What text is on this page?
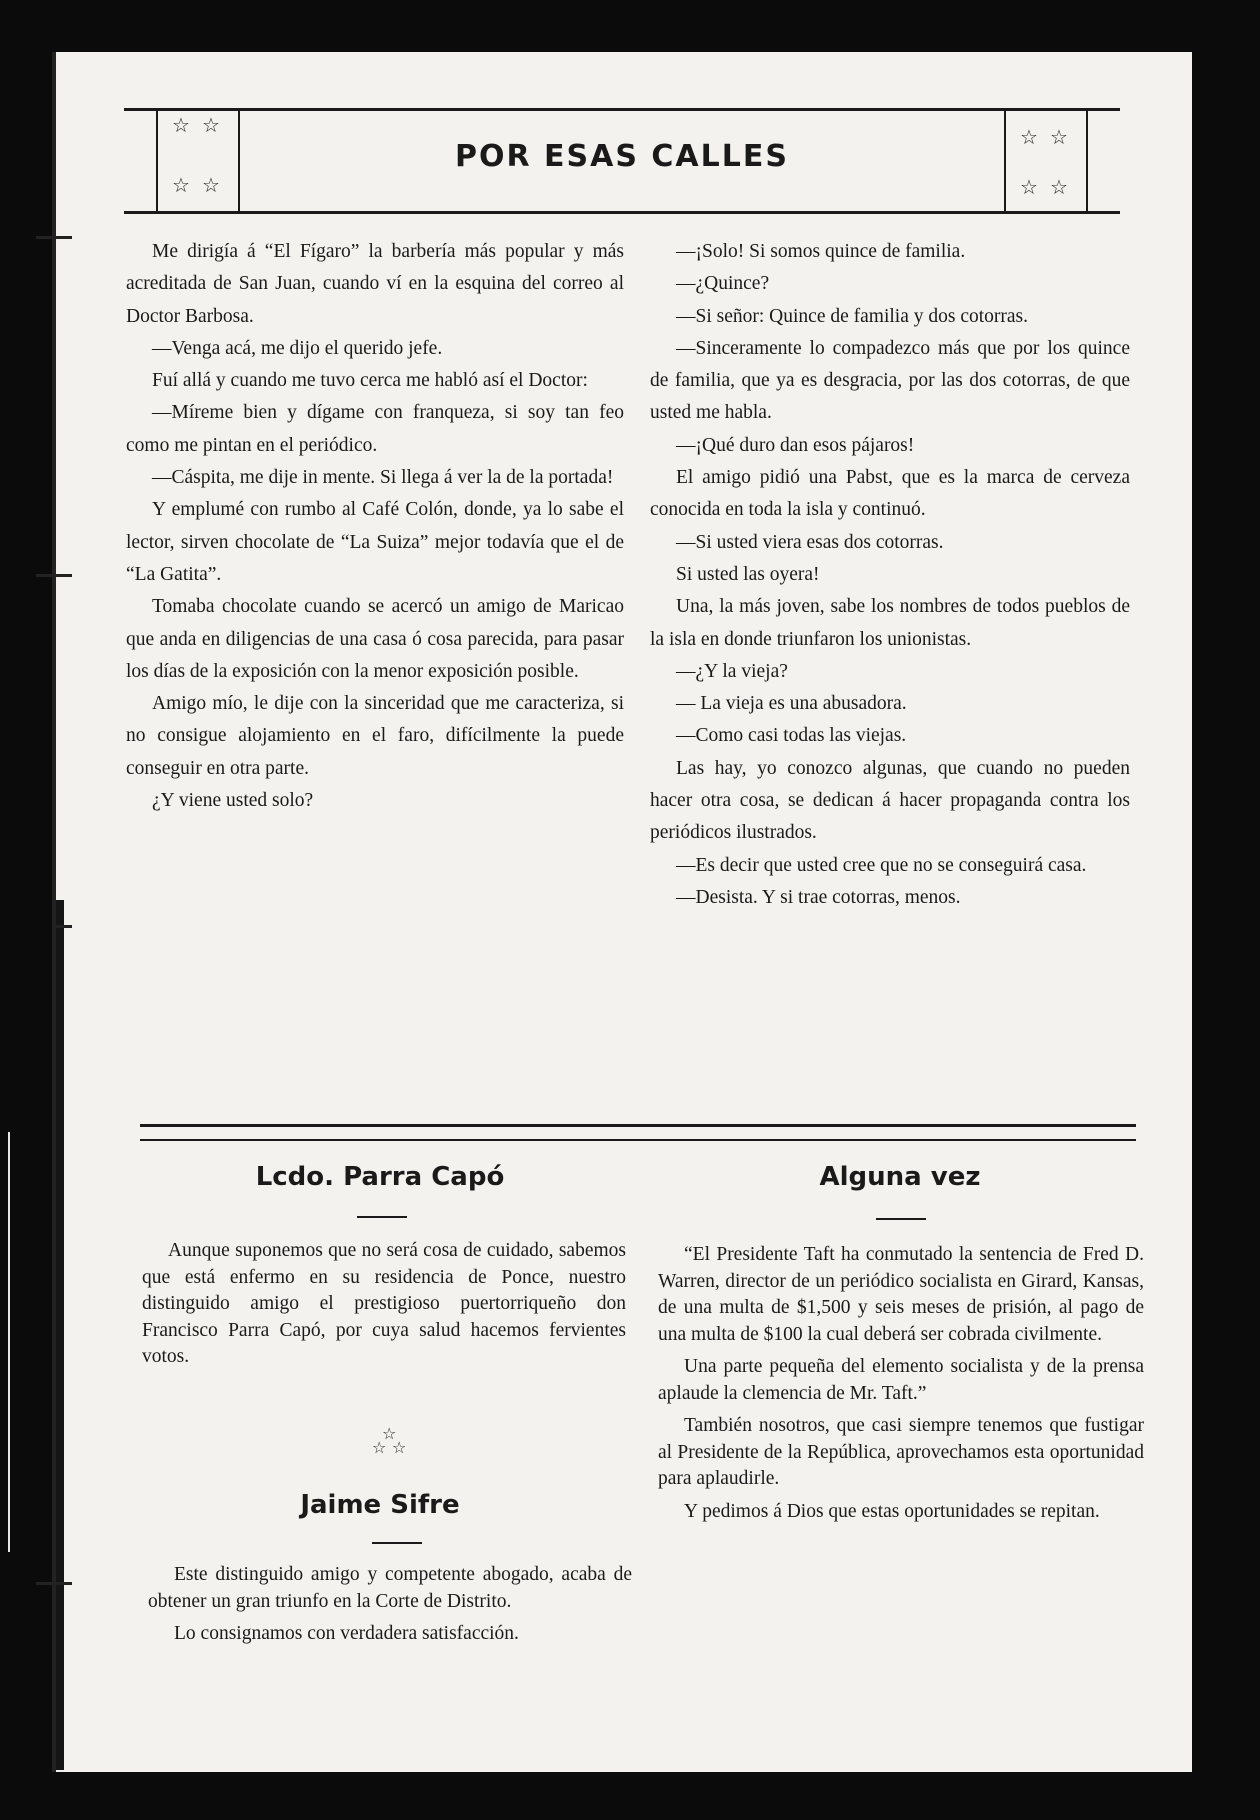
☆ ☆
☆ ☆
POR ESAS CALLES
☆ ☆
☆ ☆

Me dirigía á “El Fígaro” la barbería más popular y más acreditada de San Juan, cuando ví en la esquina del correo al Doctor Barbosa.

—Venga acá, me dijo el querido jefe.

Fuí allá y cuando me tuvo cerca me habló así el Doctor:

—Míreme bien y dígame con franqueza, si soy tan feo como me pintan en el periódico.

—Cáspita, me dije in mente. Si llega á ver la de la portada!

Y emplumé con rumbo al Café Colón, donde, ya lo sabe el lector, sirven chocolate de “La Suiza” mejor todavía que el de “La Gatita”.

Tomaba chocolate cuando se acercó un amigo de Maricao que anda en diligencias de una casa ó cosa parecida, para pasar los días de la exposición con la menor exposición posible.

Amigo mío, le dije con la sinceridad que me caracteriza, si no consigue alojamiento en el faro, difícilmente la puede conseguir en otra parte.

¿Y viene usted solo?

—¡Solo! Si somos quince de familia.

—¿Quince?

—Si señor: Quince de familia y dos cotorras.

—Sinceramente lo compadezco más que por los quince de familia, que ya es desgracia, por las dos cotorras, de que usted me habla.

—¡Qué duro dan esos pájaros!

El amigo pidió una Pabst, que es la marca de cerveza conocida en toda la isla y continuó.

—Si usted viera esas dos cotorras.

Si usted las oyera!

Una, la más joven, sabe los nombres de todos pueblos de la isla en donde triunfaron los unionistas.

—¿Y la vieja?

— La vieja es una abusadora.

—Como casi todas las viejas.

Las hay, yo conozco algunas, que cuando no pueden hacer otra cosa, se dedican á hacer propaganda contra los periódicos ilustrados.

—Es decir que usted cree que no se conseguirá casa.

—Desista. Y si trae cotorras, menos.

Lcdo. Parra Capó

Aunque suponemos que no será cosa de cuidado, sabemos que está enfermo en su residencia de Ponce, nuestro distinguido amigo el prestigioso puertorriqueño don Francisco Parra Capó, por cuya salud hacemos fervientes votos.

☆
☆ ☆
Jaime Sifre

Este distinguido amigo y competente abogado, acaba de obtener un gran triunfo en la Corte de Distrito.

Lo consignamos con verdadera satisfacción.

Alguna vez

“El Presidente Taft ha conmutado la sentencia de Fred D. Warren, director de un periódico socialista en Girard, Kansas, de una multa de $1,500 y seis meses de prisión, al pago de una multa de $100 la cual deberá ser cobrada civilmente.

Una parte pequeña del elemento socialista y de la prensa aplaude la clemencia de Mr. Taft.”

También nosotros, que casi siempre tenemos que fustigar al Presidente de la República, aprovechamos esta oportunidad para aplaudirle.

Y pedimos á Dios que estas oportunidades se repitan.
